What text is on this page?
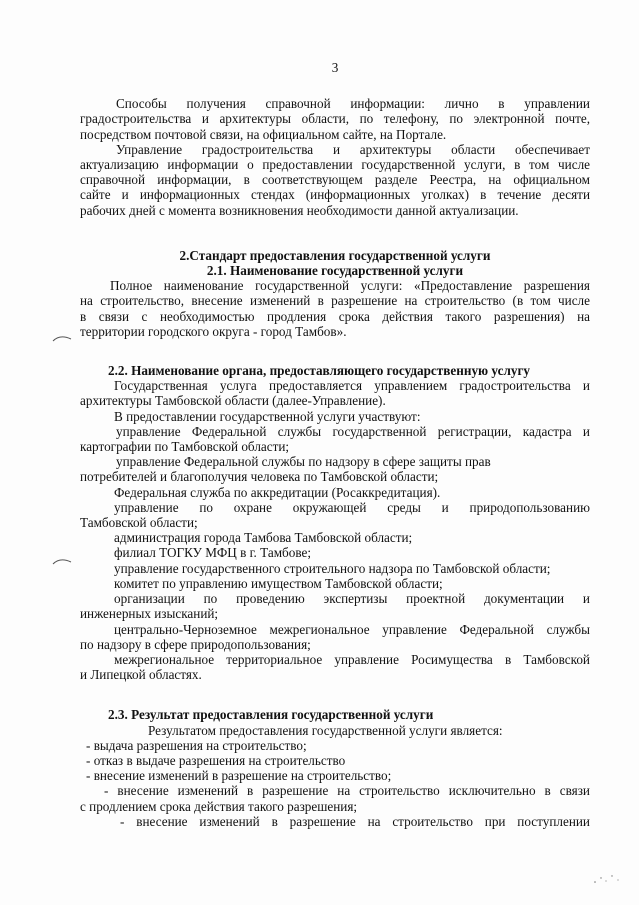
3

Способы получения справочной информации: лично в управлении

градостроительства и архитектуры области, по телефону, по электронной почте,

посредством почтовой связи, на официальном сайте, на Портале.

Управление градостроительства и архитектуры области обеспечивает

актуализацию информации о предоставлении государственной услуги, в том числе

справочной информации, в соответствующем разделе Реестра, на официальном

сайте и информационных стендах (информационных уголках) в течение десяти

рабочих дней с момента возникновения необходимости данной актуализации.

2.Стандарт предоставления государственной услуги

2.1. Наименование государственной услуги

Полное наименование государственной услуги: «Предоставление разрешения

на строительство, внесение изменений в разрешение на строительство (в том числе

в связи с необходимостью продления срока действия такого разрешения) на

территории городского округа - город Тамбов».

2.2. Наименование органа, предоставляющего государственную услугу

Государственная услуга предоставляется управлением градостроительства и

архитектуры Тамбовской области (далее-Управление).

В предоставлении государственной услуги участвуют:

управление Федеральной службы государственной регистрации, кадастра и

картографии по Тамбовской области;

управление Федеральной службы по надзору в сфере защиты прав

потребителей и благополучия человека по Тамбовской области;

Федеральная служба по аккредитации (Росаккредитация).

управление по охране окружающей среды и природопользованию

Тамбовской области;

администрация города Тамбова Тамбовской области;

филиал ТОГКУ МФЦ в г. Тамбове;

управление государственного строительного надзора по Тамбовской области;

комитет по управлению имуществом Тамбовской области;

организации по проведению экспертизы проектной документации и

инженерных изысканий;

центрально-Черноземное межрегиональное управление Федеральной службы

по надзору в сфере природопользования;

межрегиональное территориальное управление Росимущества в Тамбовской

и Липецкой областях.

2.3. Результат предоставления государственной услуги

Результатом предоставления государственной услуги является:

- выдача разрешения на строительство;

- отказ в выдаче разрешения на строительство

- внесение изменений в разрешение на строительство;

- внесение изменений в разрешение на строительство исключительно в связи

с продлением срока действия такого разрешения;

- внесение изменений в разрешение на строительство при поступлении
